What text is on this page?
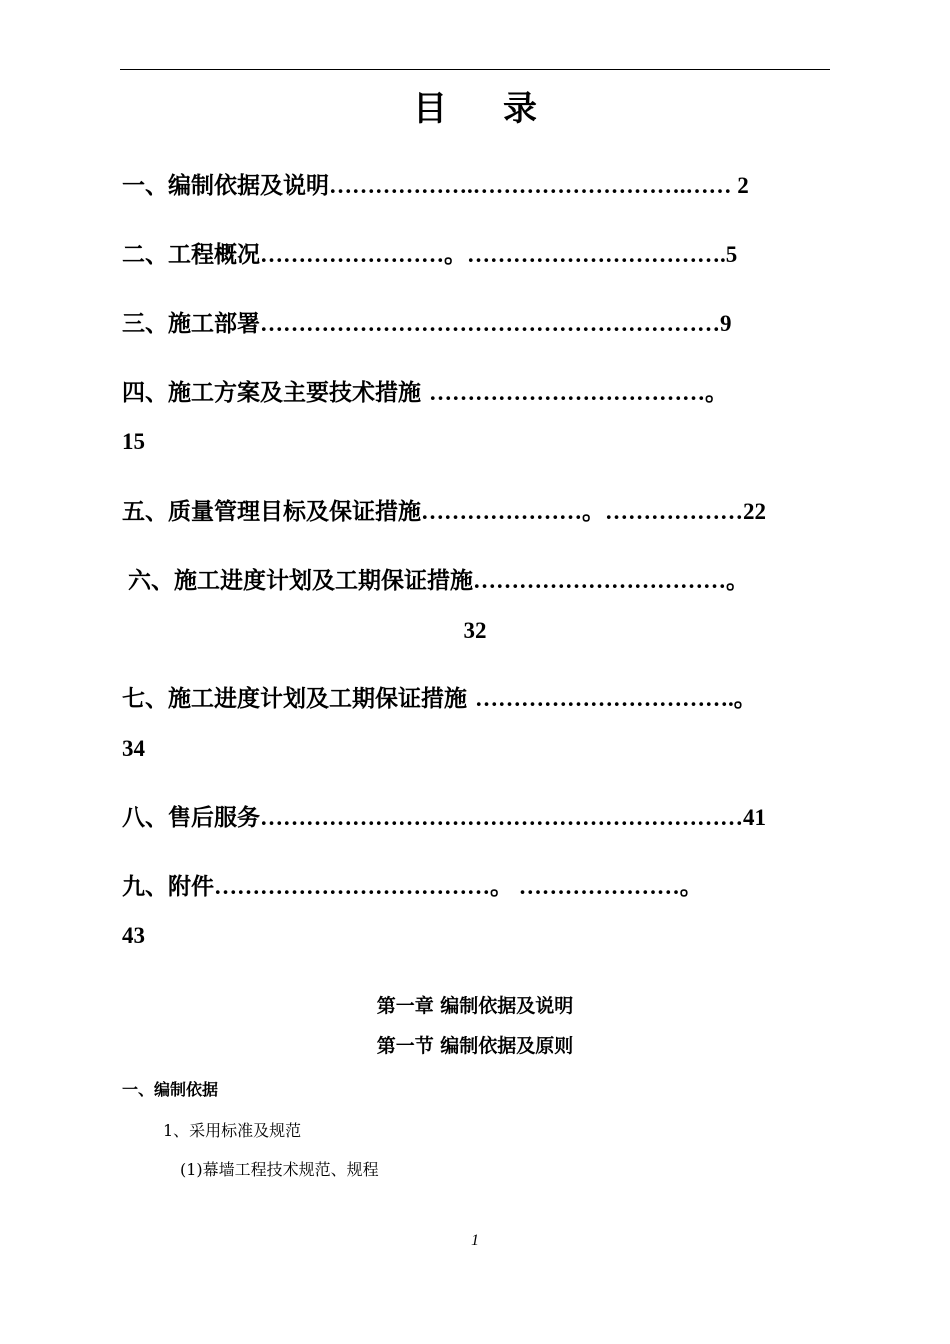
目 录
一、编制依据及说明……………….……………………….…… 2
二、工程概况……………………。…………………………….5
三、施工部署……………………………………………………9
四、施工方案及主要技术措施 ………………………………。
15
五、质量管理目标及保证措施…………………。………………22
六、施工进度计划及工期保证措施……………………………。
32
七、施工进度计划及工期保证措施 …………………………….。
34
八、售后服务………………………………………………………41
九、附件………………………………。 …………………。
43
第一章 编制依据及说明
第一节 编制依据及原则
一、编制依据
1、采用标准及规范
(1)幕墙工程技术规范、规程
1
